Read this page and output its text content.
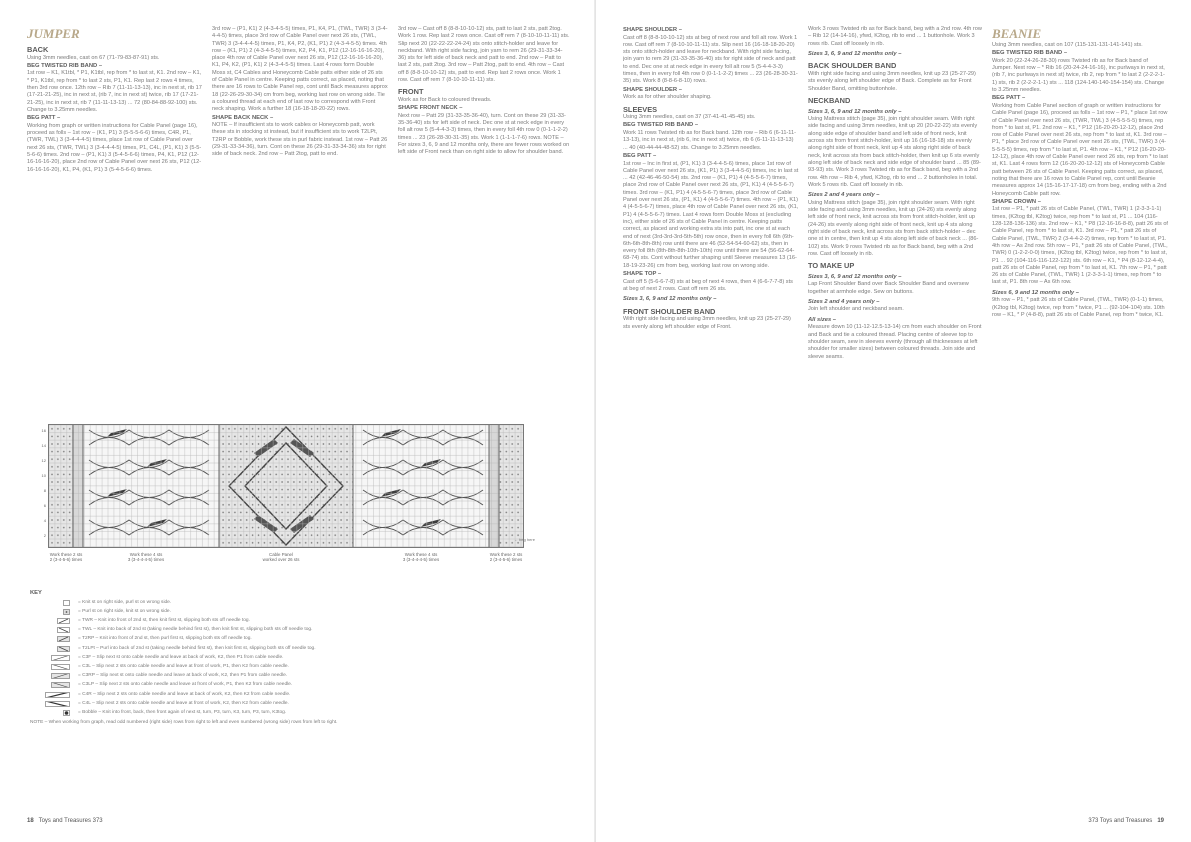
JUMPER
BACK

Using 3mm needles, cast on 67 (71-79-83-87-91) sts.

BEG TWISTED RIB BAND –

1st row – K1, K1tbl, * P1, K1tbl, rep from * to last st, K1. 2nd row – K1, * P1, K1tbl, rep from * to last 2 sts, P1, K1. Rep last 2 rows 4 times, then 3rd row once. 12th row – Rib 7 (11-11-13-13), inc in next st, rib 17 (17-21-21-25), inc in next st, (rib 7, inc in next st) twice, rib 17 (17-21-21-25), inc in next st, rib 7 (11-11-13-13) ... 72 (80-84-88-92-100) sts. Change to 3.25mm needles.

BEG PATT –

Working from graph or written instructions for Cable Panel (page 16), proceed as folls – 1st row – (K1, P1) 3 (5-5-5-6-6) times, C4R, P1, (TWR, TWL) 3 (3-4-4-4-5) times, place 1st row of Cable Panel over next 26 sts, (TWR, TWL) 3 (3-4-4-4-5) times, P1, C4L, (P1, K1) 3 (5-5-5-6-6) times. 2nd row – (P1, K1) 3 (5-4-5-6-6) times, P4, K1, P12 (12-16-16-16-20), place 2nd row of Cable Panel over next 26 sts, P12 (12-16-16-16-20), K1, P4, (K1, P1) 3 (5-4-5-6-6) times.

3rd row – (P1, K1) 2 (4-3-4-5-5) times, P1, K4, P1, (TWL, TWR) 3 (3-4-4-4-5) times, place 3rd row of Cable Panel over next 26 sts, (TWL, TWR) 3 (3-4-4-4-5) times, P1, K4, P2, (K1, P1) 2 (4-3-4-5-5) times. 4th row – (K1, P1) 2 (4-3-4-5-5) times, K2, P4, K1, P12 (12-16-16-16-20), place 4th row of Cable Panel over next 26 sts, P12 (12-16-16-16-20), K1, P4, K2, (P1, K1) 2 (4-3-4-5-5) times. Last 4 rows form Double Moss st, C4 Cables and Honeycomb Cable patts either side of 26 sts of Cable Panel in centre. Keeping patts correct, as placed, noting that there are 16 rows to Cable Panel rep, cont until Back measures approx 18 (22-26-29-30-34) cm from beg, working last row on wrong side. Tie a coloured thread at each end of last row to correspond with Front neck shaping. Work a further 18 (16-18-18-20-22) rows.

SHAPE BACK NECK –

NOTE – If insufficient sts to work cables or Honeycomb patt, work these sts in stocking st instead, but if insufficient sts to work T2LPt, T2RP or Bobble, work these sts in purl fabric instead. 1st row – Patt 26 (29-31-33-34-36), turn. Cont on these 26 (29-31-33-34-36) sts for right side of back neck. 2nd row – Patt 2tog, patt to end.

3rd row – Cast off 8 (8-8-10-10-12) sts, patt to last 2 sts, patt 2tog. Work 1 row. Rep last 2 rows once. Cast off rem 7 (8-10-10-11-11) sts. Slip next 20 (22-22-22-24-24) sts onto stitch-holder and leave for neckband. With right side facing, join yarn to rem 26 (29-31-33-34-36) sts for left side of back neck and patt to end. 2nd row – Patt to last 2 sts, patt 2tog. 3rd row – Patt 2tog, patt to end. 4th row – Cast off 8 (8-8-10-10-12) sts, patt to end. Rep last 2 rows once. Work 1 row. Cast off rem 7 (8-10-10-11-11) sts.

FRONT

Work as for Back to coloured threads.

SHAPE FRONT NECK –

Next row – Patt 29 (31-33-35-36-40), turn. Cont on these 29 (31-33-35-36-40) sts for left side of neck. Dec one st at neck edge in every foll alt row 5 (5-4-4-3-3) times, then in every foll 4th row 0 (0-1-1-2-2) times ... 23 (26-28-30-31-35) sts. Work 1 (1-1-1-7-6) rows. NOTE – For sizes 3, 6, 9 and 12 months only, there are fewer rows worked on left side of Front neck than on right side to allow for shoulder band.

16
14
12
10
8
6
4
2
← beg here
Work these 2 sts
2 (3-4-5-6) times
Work these 4 sts
3 (3-4-4-4-5) times
Cable Panel
worked over 26 sts
Work these 4 sts
3 (3-4-4-4-5) times
Work these 2 sts
2 (3-4-5-6) times
KEY
= Knit st on right side, purl st on wrong side.
= Purl st on right side, knit st on wrong side.
= TWR – Knit into front of 2nd st, then knit first st, slipping both sts off needle tog.
= TWL – Knit into back of 2nd st (taking needle behind first st), then knit first st, slipping both sts off needle tog.
= T2RP – Knit into front of 2nd st, then purl first st, slipping both sts off needle tog.
= T2LPt – Purl into back of 2nd st (taking needle behind first st), then knit first st, slipping both sts off needle tog.
= C3F – Slip next st onto cable needle and leave at back of work, K2, then P1 from cable needle.
= C3L – Slip next 2 sts onto cable needle and leave at front of work, P1, then K2 from cable needle.
= C3RP – Slip next st onto cable needle and leave at back of work, K2, then P1 from cable needle.
= C3LP – Slip next 2 sts onto cable needle and leave at front of work, P1, then K2 from cable needle.
= C4R – Slip next 2 sts onto cable needle and leave at back of work, K2, then K2 from cable needle.
= C4L – Slip next 2 sts onto cable needle and leave at front of work, K2, then K2 from cable needle.
= Bobble – Knit into front, back, then front again of next st, turn, P3, turn, K3, turn, P3, turn, K3tog.
NOTE – When working from graph, read odd numbered (right side) rows from right to left and even numbered (wrong side) rows from left to right.
18 Toys and Treasures 373
SHAPE SHOULDER –

Cast off 8 (8-8-10-10-12) sts at beg of next row and foll alt row. Work 1 row. Cast off rem 7 (8-10-10-11-11) sts. Slip next 16 (16-18-18-20-20) sts onto stitch-holder and leave for neckband. With right side facing, join yarn to rem 29 (31-33-35-36-40) sts for right side of neck and patt to end. Dec one st at neck edge in every foll alt row 5 (5-4-4-3-3) times, then in every foll 4th row 0 (0-1-1-2-2) times ... 23 (26-28-30-31-35) sts. Work 8 (8-8-6-8-10) rows.

SHAPE SHOULDER –

Work as for other shoulder shaping.

SLEEVES

Using 3mm needles, cast on 37 (37-41-41-45-45) sts.

BEG TWISTED RIB BAND –

Work 11 rows Twisted rib as for Back band. 12th row – Rib 6 (6-11-11-13-13), inc in next st, (rib 6, inc in next st) twice, rib 6 (6-11-11-13-13) ... 40 (40-44-44-48-52) sts. Change to 3.25mm needles.

BEG PATT –

1st row – Inc in first st, (P1, K1) 3 (3-4-4-5-6) times, place 1st row of Cable Panel over next 26 sts, (K1, P1) 3 (3-4-4-5-6) times, inc in last st ... 42 (42-46-46-50-54) sts. 2nd row – (K1, P1) 4 (4-5-5-6-7) times, place 2nd row of Cable Panel over next 26 sts, (P1, K1) 4 (4-5-5-6-7) times. 3rd row – (K1, P1) 4 (4-5-5-6-7) times, place 3rd row of Cable Panel over next 26 sts, (P1, K1) 4 (4-5-5-6-7) times. 4th row – (P1, K1) 4 (4-5-5-6-7) times, place 4th row of Cable Panel over next 26 sts, (K1, P1) 4 (4-5-5-6-7) times. Last 4 rows form Double Moss st (excluding inc), either side of 26 sts of Cable Panel in centre. Keeping patts correct, as placed and working extra sts into patt, inc one st at each end of next (3rd-3rd-3rd-5th-5th) row once, then in every foll 6th (6th-6th-6th-8th-8th) row until there are 46 (52-54-54-60-62) sts, then in every foll 8th (8th-8th-8th-10th-10th) row until there are 54 (56-62-64-68-74) sts. Cont without further shaping until Sleeve measures 13 (16-18-19-23-26) cm from beg, working last row on wrong side.

SHAPE TOP –

Cast off 5 (5-6-6-7-8) sts at beg of next 4 rows, then 4 (6-6-7-7-8) sts at beg of next 2 rows. Cast off rem 26 sts.

Sizes 3, 6, 9 and 12 months only –
FRONT SHOULDER BAND

With right side facing and using 3mm needles, knit up 23 (25-27-29) sts evenly along left shoulder edge of Front.

Work 3 rows Twisted rib as for Back band, beg with a 2nd row. 4th row – Rib 12 (14-14-16), yfwd, K2tog, rib to end ... 1 buttonhole. Work 3 rows rib. Cast off loosely in rib.

Sizes 3, 6, 9 and 12 months only –
BACK SHOULDER BAND

With right side facing and using 3mm needles, knit up 23 (25-27-29) sts evenly along left shoulder edge of Back. Complete as for Front Shoulder Band, omitting buttonhole.

NECKBAND
Sizes 3, 6, 9 and 12 months only –

Using Mattress stitch (page 35), join right shoulder seam. With right side facing and using 3mm needles, knit up 20 (20-22-22) sts evenly along side edge of shoulder band and left side of front neck, knit across sts from front stitch-holder, knit up 16 (16-18-18) sts evenly along right side of front neck, knit up 4 sts along right side of back neck, knit across sts from back stitch-holder, then knit up 6 sts evenly along left side of back neck and side edge of shoulder band ... 85 (89-93-93) sts. Work 3 rows Twisted rib as for Back band, beg with a 2nd row. 4th row – Rib 4, yfwd, K2tog, rib to end ... 2 buttonholes in total. Work 5 rows rib. Cast off loosely in rib.

Sizes 2 and 4 years only –

Using Mattress stitch (page 35), join right shoulder seam. With right side facing and using 3mm needles, knit up (24-26) sts evenly along left side of front neck, knit across sts from front stitch-holder, knit up (24-26) sts evenly along right side of front neck, knit up 4 sts along right side of back neck, knit across sts from back stitch-holder – dec one st in centre, then knit up 4 sts along left side of back neck ... (86-102) sts. Work 9 rows Twisted rib as for Back band, beg with a 2nd row. Cast off loosely in rib.

TO MAKE UP
Sizes 3, 6, 9 and 12 months only –

Lap Front Shoulder Band over Back Shoulder Band and oversew together at armhole edge. Sew on buttons.

Sizes 2 and 4 years only –

Join left shoulder and neckband seam.

All sizes –

Measure down 10 (11-12-12.5-13-14) cm from each shoulder on Front and Back and tie a coloured thread. Placing centre of sleeve top to shoulder seam, sew in sleeves evenly (through all thicknesses at left shoulder for smaller sizes) between coloured threads. Join side and sleeve seams.

BEANIE

Using 3mm needles, cast on 107 (115-131-131-141-141) sts.

BEG TWISTED RIB BAND –

Work 20 (22-24-26-28-30) rows Twisted rib as for Back band of Jumper. Next row – * Rib 16 (20-24-24-16-16), inc purlways in next st, (rib 7, inc purlways in next st) twice, rib 2, rep from * to last 2 (2-2-2-1-1) sts, rib 2 (2-2-2-1-1) sts ... 118 (124-140-140-154-154) sts. Change to 3.25mm needles.

BEG PATT –

Working from Cable Panel section of graph or written instructions for Cable Panel (page 16), proceed as folls – 1st row – P1, * place 1st row of Cable Panel over next 26 sts, (TWR, TWL) 3 (4-5-5-5-5) times, rep from * to last st, P1. 2nd row – K1, * P12 (16-20-20-12-12), place 2nd row of Cable Panel over next 26 sts, rep from * to last st, K1. 3rd row – P1, * place 3rd row of Cable Panel over next 26 sts, (TWL, TWR) 3 (4-5-5-5-5) times, rep from * to last st, P1. 4th row – K1, * P12 (16-20-20-12-12), place 4th row of Cable Panel over next 26 sts, rep from * to last st, K1. Last 4 rows form 12 (16-20-20-12-12) sts of Honeycomb Cable patt between 26 sts of Cable Panel. Keeping patts correct, as placed, noting that there are 16 rows to Cable Panel rep, cont until Beanie measures approx 14 (15-16-17-17-18) cm from beg, ending with a 2nd Honeycomb Cable patt row.

SHAPE CROWN –

1st row – P1, * patt 26 sts of Cable Panel, (TWL, TWR) 1 (2-3-3-1-1) times, (K2tog tbl, K2tog) twice, rep from * to last st, P1 ... 104 (116-128-128-136-136) sts. 2nd row – K1, * P8 (12-16-16-8-8), patt 26 sts of Cable Panel, rep from * to last st, K1. 3rd row – P1, * patt 26 sts of Cable Panel, (TWL, TWR) 2 (3-4-4-2-2) times, rep from * to last st, P1. 4th row – As 2nd row. 5th row – P1, * patt 26 sts of Cable Panel, (TWL, TWR) 0 (1-2-2-0-0) times, (K2tog tbl, K2tog) twice, rep from * to last st, P1 ... 92 (104-116-116-122-122) sts. 6th row – K1, * P4 (8-12-12-4-4), patt 26 sts of Cable Panel, rep from * to last st, K1. 7th row – P1, * patt 26 sts of Cable Panel, (TWL, TWR) 1 (2-3-3-1-1) times, rep from * to last st, P1. 8th row – As 6th row.

Sizes 6, 9 and 12 months only –

9th row – P1, * patt 26 sts of Cable Panel, (TWL, TWR) (0-1-1) times, (K2tog tbl, K2tog) twice, rep from * twice, P1 ... (92-104-104) sts. 10th row – K1, * P (4-8-8), patt 26 sts of Cable Panel, rep from * twice, K1.

373 Toys and Treasures 19
